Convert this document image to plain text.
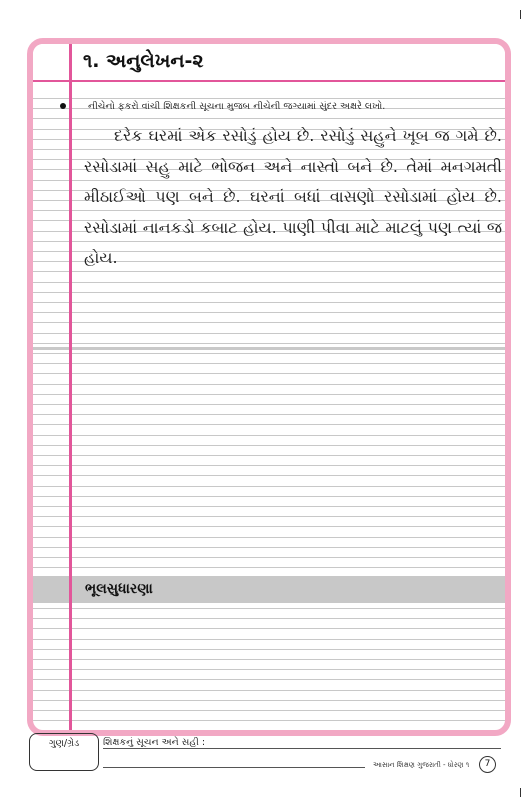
૧. અનુલેખન-૨
નીચેનો ફકરો વાંચી શિક્ષકની સૂચના મુજબ નીચેની જગ્યામાં સુંદર અક્ષરે લખો.

દરેક ઘરમાં એક રસોડું હોય છે. રસોડું સહુને ખૂબ જ ગમે છે. રસોડામાં સહુ માટે ભોજન અને નાસ્તો બને છે. તેમાં મનગમતી મીઠાઈઓ પણ બને છે. ઘરનાં બધાં વાસણો રસોડામાં હોય છે. રસોડામાં નાનકડો કબાટ હોય. પાણી પીવા માટે માટલું પણ ત્યાં જ હોય.

ભૂલસુધારણા
ગુણ/ગ્રેડ	શિક્ષકનું સૂચન અને સહી :
આસાન શિક્ષણ ગુજરાતી - ધોરણ ૧	7
